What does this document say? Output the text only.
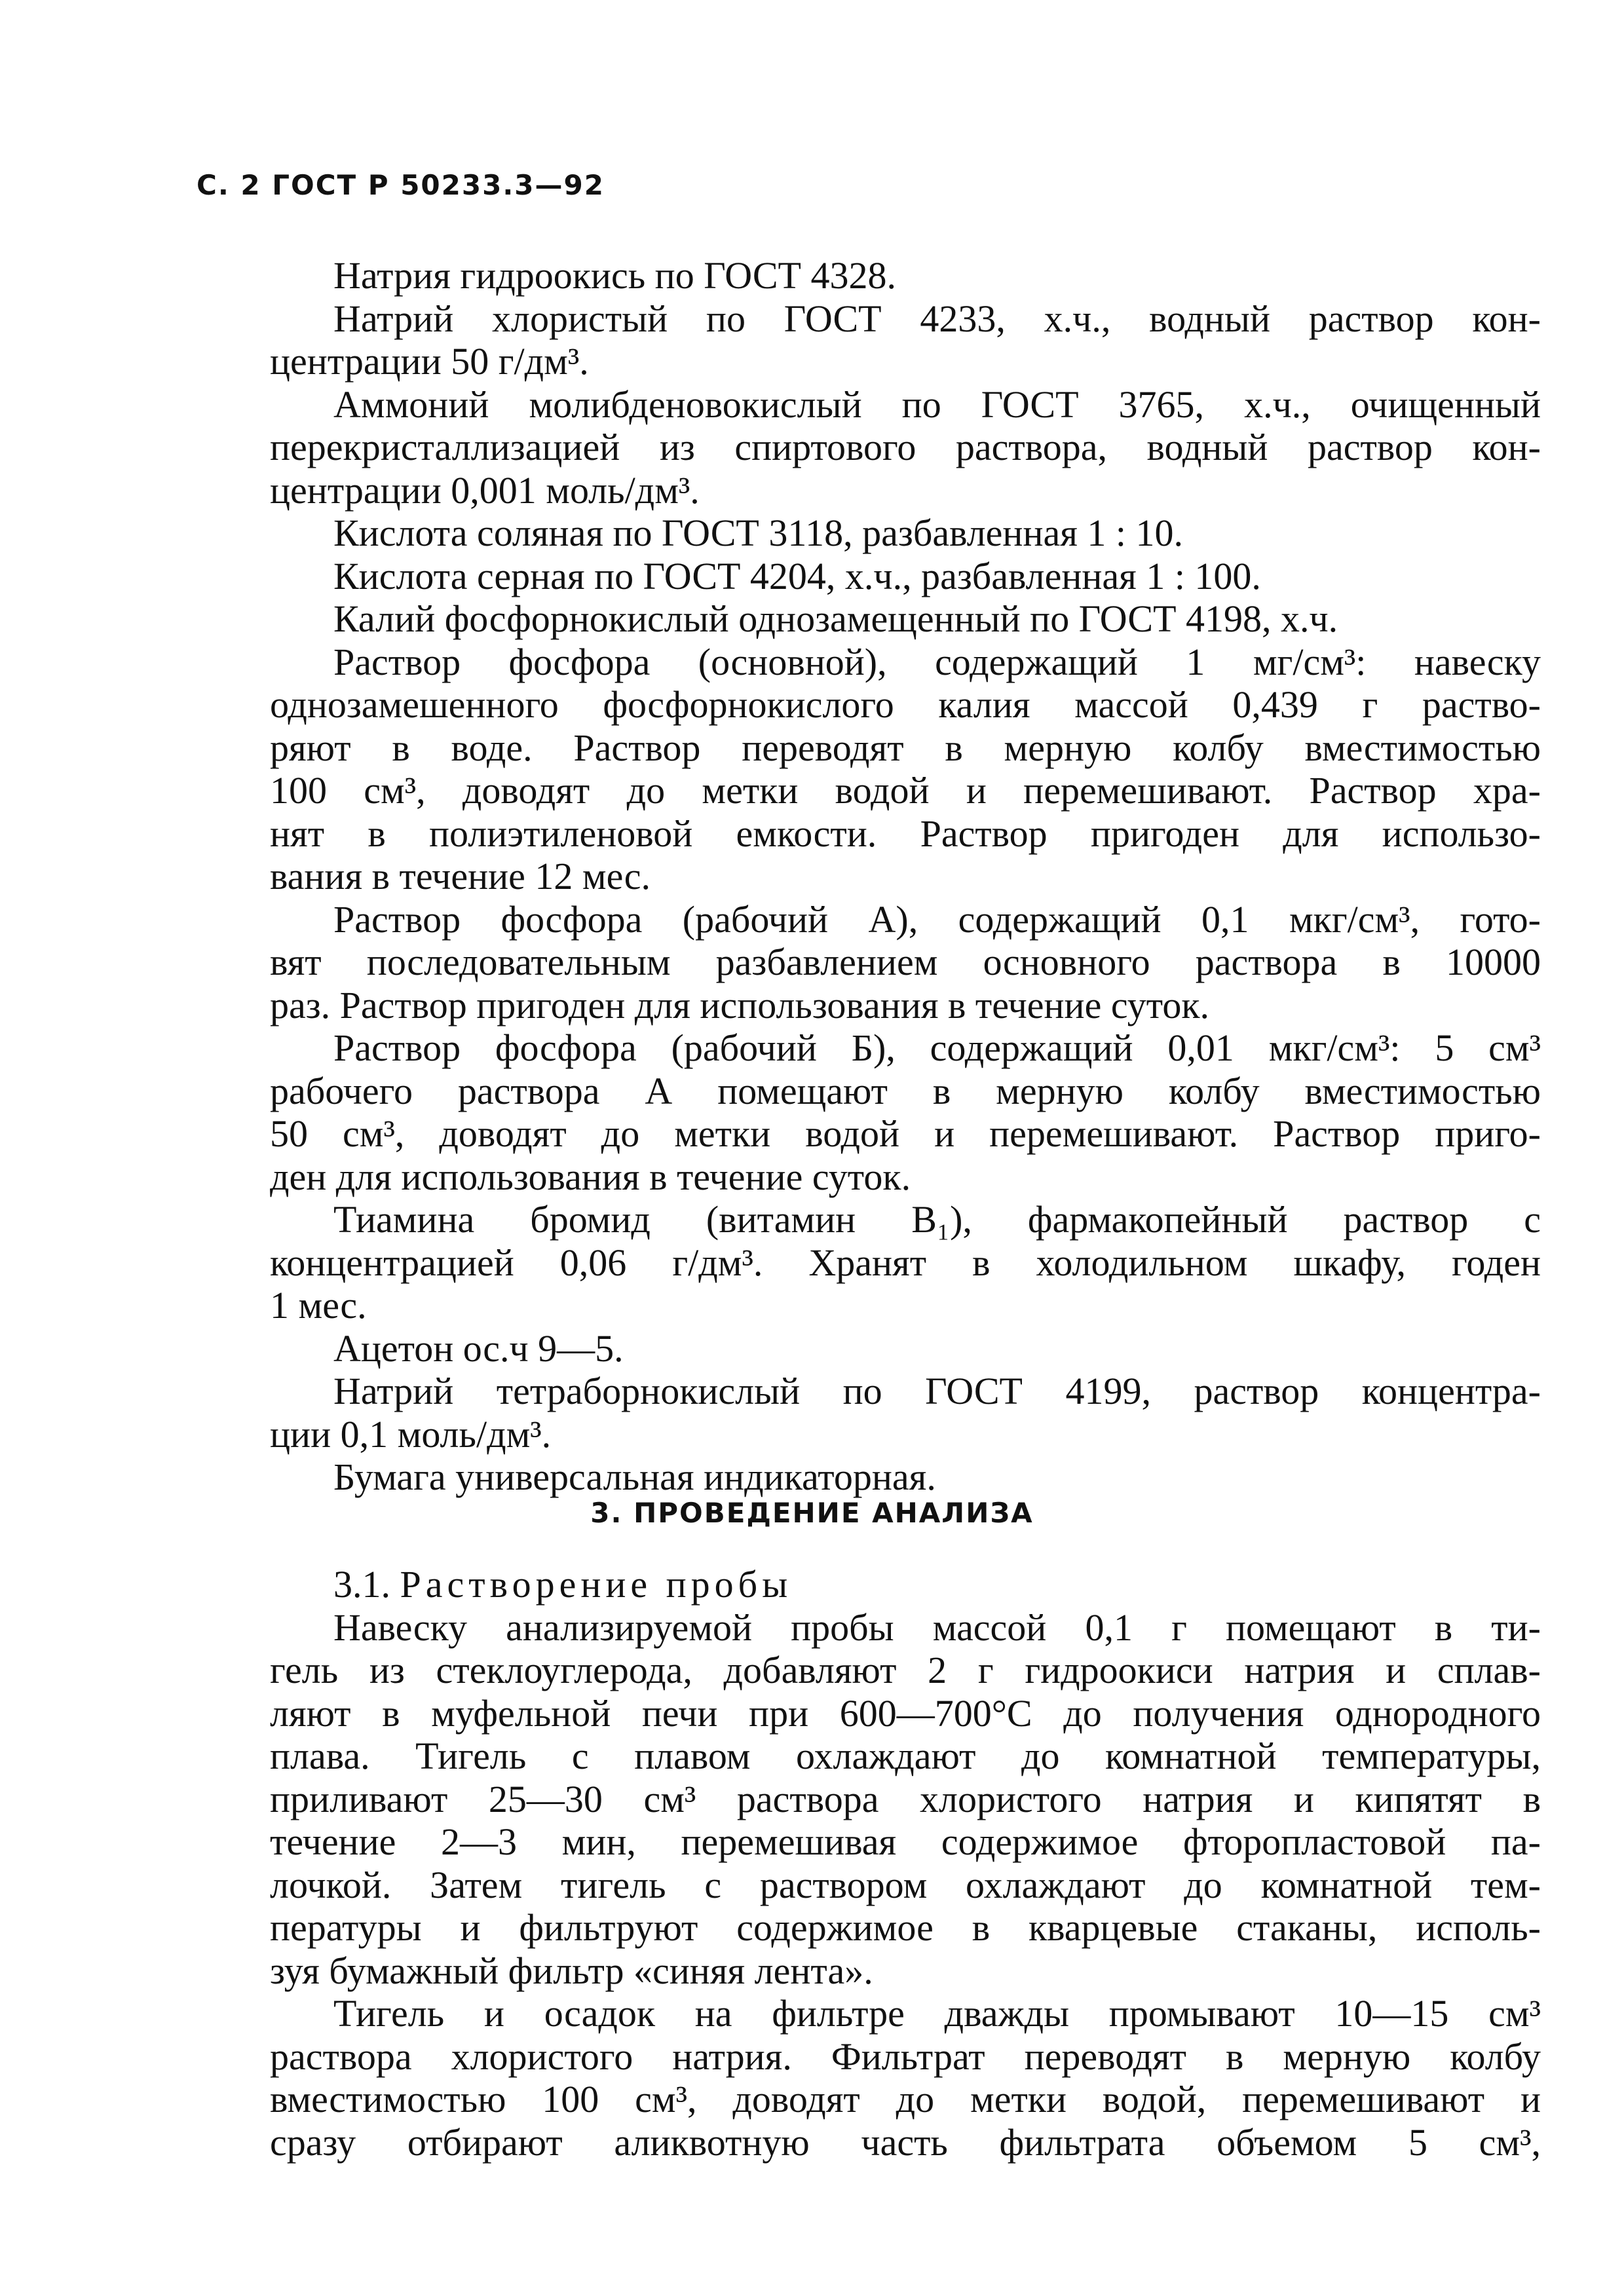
С. 2 ГОСТ Р 50233.3—92
Натрия гидроокись по ГОСТ 4328.
Натрий хлористый по ГОСТ 4233, х.ч., водный раствор кон-
центрации 50 г/дм³.
Аммоний молибденовокислый по ГОСТ 3765, х.ч., очищенный
перекристаллизацией из спиртового раствора, водный раствор кон-
центрации 0,001 моль/дм³.
Кислота соляная по ГОСТ 3118, разбавленная 1 : 10.
Кислота серная по ГОСТ 4204, х.ч., разбавленная 1 : 100.
Калий фосфорнокислый однозамещенный по ГОСТ 4198, х.ч.
Раствор фосфора (основной), содержащий 1 мг/см³: навеску
однозамешенного фосфорнокислого калия массой 0,439 г раство-
ряют в воде. Раствор переводят в мерную колбу вместимостью
100 см³, доводят до метки водой и перемешивают. Раствор хра-
нят в полиэтиленовой емкости. Раствор пригоден для использо-
вания в течение 12 мес.
Раствор фосфора (рабочий А), содержащий 0,1 мкг/см³, гото-
вят последовательным разбавлением основного раствора в 10000
раз. Раствор пригоден для использования в течение суток.
Раствор фосфора (рабочий Б), содержащий 0,01 мкг/см³: 5 см³
рабочего раствора А помещают в мерную колбу вместимостью
50 см³, доводят до метки водой и перемешивают. Раствор приго-
ден для использования в течение суток.
Тиамина бромид (витамин B₁), фармакопейный раствор с
концентрацией 0,06 г/дм³. Хранят в холодильном шкафу, годен
1 мес.
Ацетон ос.ч 9—5.
Натрий тетраборнокислый по ГОСТ 4199, раствор концентра-
ции 0,1 моль/дм³.
Бумага универсальная индикаторная.
3. ПРОВЕДЕНИЕ АНАЛИЗА
3.1. Растворение пробы
Навеску анализируемой пробы массой 0,1 г помещают в ти-
гель из стеклоуглерода, добавляют 2 г гидроокиси натрия и сплав-
ляют в муфельной печи при 600—700°С до получения однородного
плава. Тигель с плавом охлаждают до комнатной температуры,
приливают 25—30 см³ раствора хлористого натрия и кипятят в
течение 2—3 мин, перемешивая содержимое фторопластовой па-
лочкой. Затем тигель с раствором охлаждают до комнатной тем-
пературы и фильтруют содержимое в кварцевые стаканы, исполь-
зуя бумажный фильтр «синяя лента».
Тигель и осадок на фильтре дважды промывают 10—15 см³
раствора хлористого натрия. Фильтрат переводят в мерную колбу
вместимостью 100 см³, доводят до метки водой, перемешивают и
сразу отбирают аликвотную часть фильтрата объемом 5 см³,
